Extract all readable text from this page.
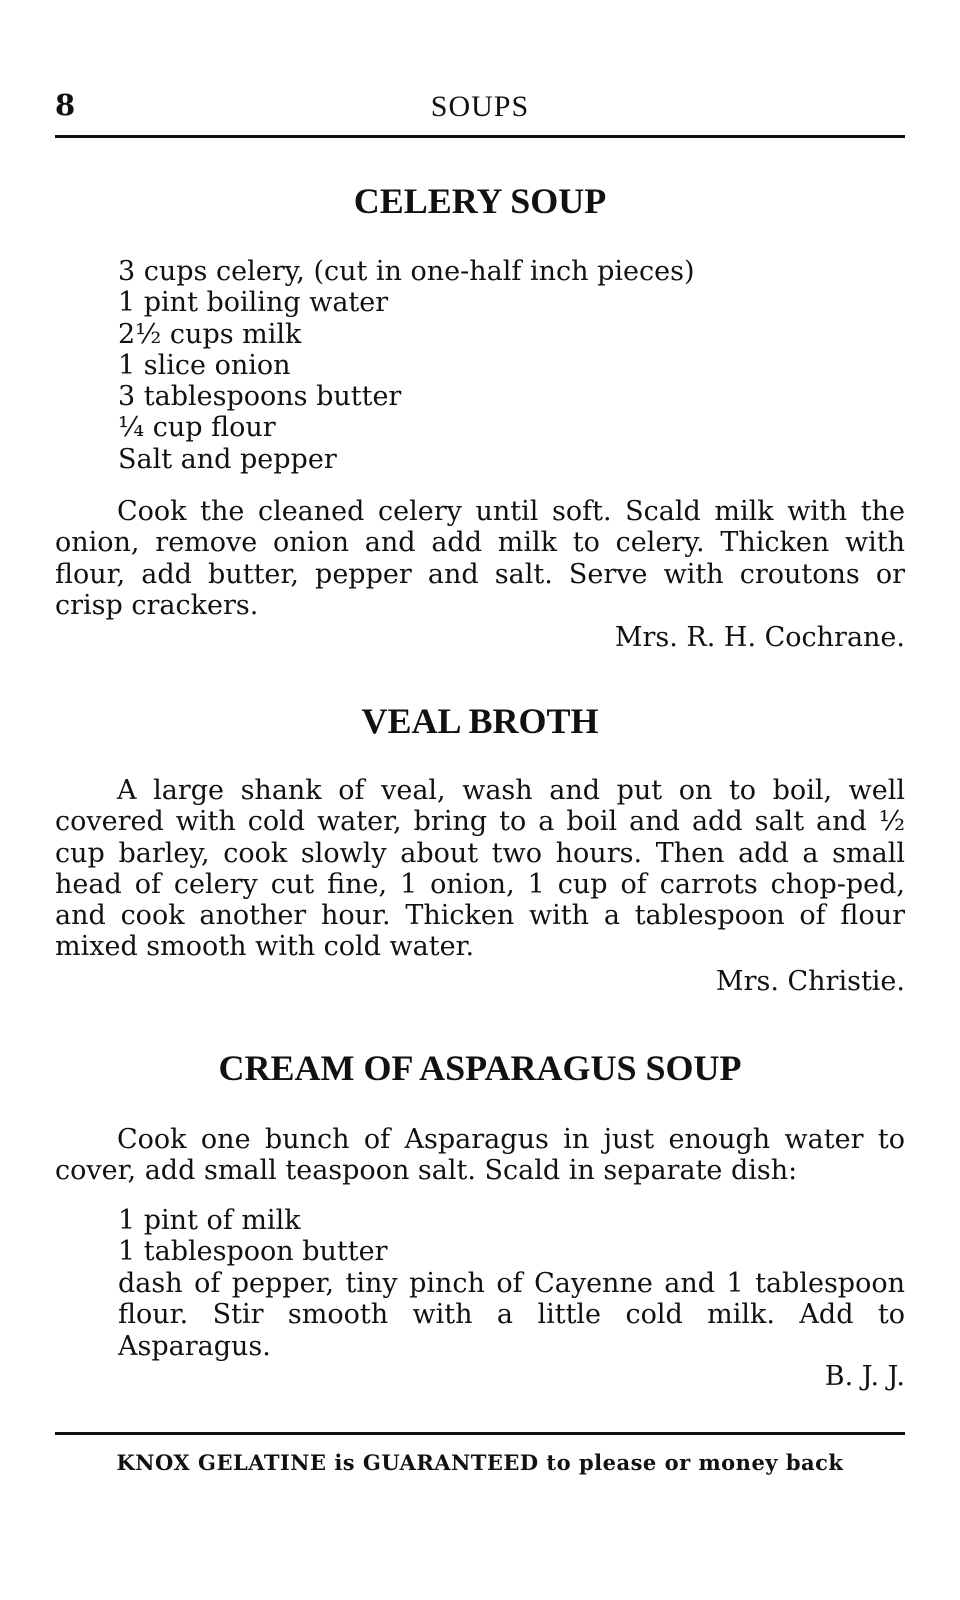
8	SOUPS
CELERY SOUP
3 cups celery, (cut in one-half inch pieces)
1 pint boiling water
2½ cups milk
1 slice onion
3 tablespoons butter
¼ cup flour
Salt and pepper

Cook the cleaned celery until soft. Scald milk with the onion, remove onion and add milk to celery. Thicken with flour, add butter, pepper and salt. Serve with croutons or crisp crackers.

Mrs. R. H. Cochrane.
VEAL BROTH

A large shank of veal, wash and put on to boil, well covered with cold water, bring to a boil and add salt and ½ cup barley, cook slowly about two hours. Then add a small head of celery cut fine, 1 onion, 1 cup of carrots chop-ped, and cook another hour. Thicken with a tablespoon of flour mixed smooth with cold water.

Mrs. Christie.
CREAM OF ASPARAGUS SOUP

Cook one bunch of Asparagus in just enough water to cover, add small teaspoon salt. Scald in separate dish:

1 pint of milk
1 tablespoon butter

dash of pepper, tiny pinch of Cayenne and 1 tablespoon flour. Stir smooth with a little cold milk. Add to Asparagus.

B. J. J.
KNOX GELATINE is GUARANTEED to please or money back
